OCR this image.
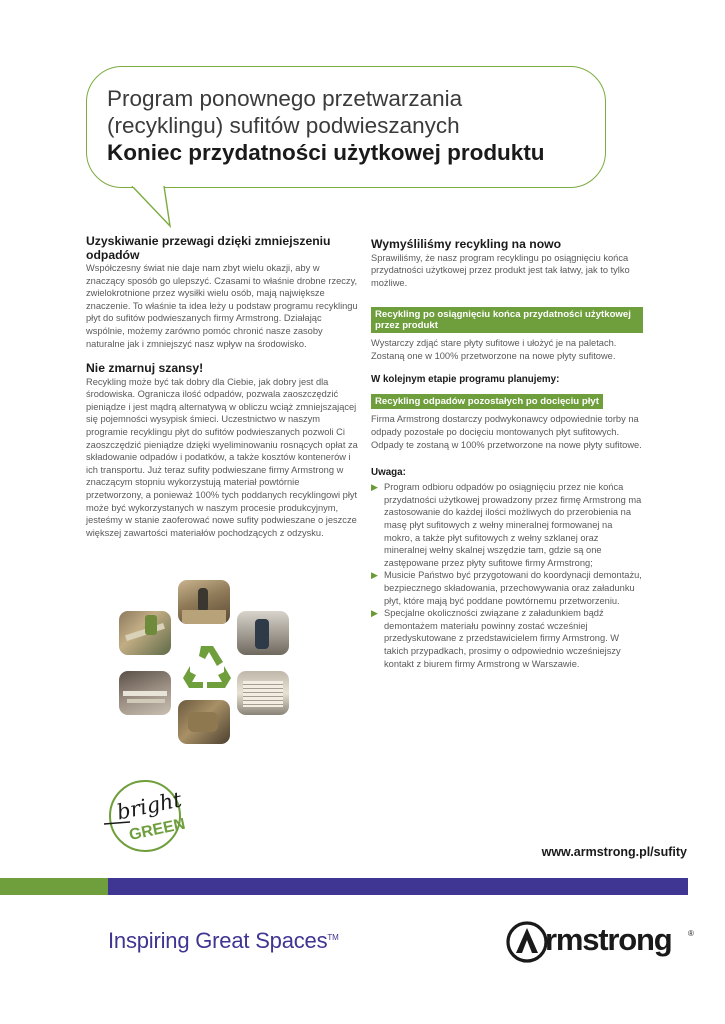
Program ponownego przetwarzania
(recyklingu) sufitów podwieszanych
Koniec przydatności użytkowej produktu
Uzyskiwanie przewagi dzięki zmniejszeniu odpadów

Współczesny świat nie daje nam zbyt wielu okazji, aby w znaczący sposób go ulepszyć. Czasami to właśnie drobne rzeczy, zwielokrotnione przez wysiłki wielu osób, mają największe znaczenie. To właśnie ta idea leży u podstaw programu recyklingu płyt do sufitów podwieszanych firmy Armstrong. Działając wspólnie, możemy zarówno pomóc chronić nasze zasoby naturalne jak i zmniejszyć nasz wpływ na środowisko.

Nie zmarnuj szansy!

Recykling może być tak dobry dla Ciebie, jak dobry jest dla środowiska. Ogranicza ilość odpadów, pozwala zaoszczędzić pieniądze i jest mądrą alternatywą w obliczu wciąż zmniejszającej się pojemności wysypisk śmieci. Uczestnictwo w naszym programie recyklingu płyt do sufitów podwieszanych pozwoli Ci zaoszczędzić pieniądze dzięki wyeliminowaniu rosnących opłat za składowanie odpadów i podatków, a także kosztów kontenerów i ich transportu. Już teraz sufity podwieszane firmy Armstrong w znaczącym stopniu wykorzystują materiał powtórnie przetworzony, a ponieważ 100% tych poddanych recyklingowi płyt może być wykorzystanych w naszym procesie produkcyjnym, jesteśmy w stanie zaoferować nowe sufity podwieszane o jeszcze większej zawartości materiałów pochodzących z odzysku.

bright
GREEN
Wymyśliliśmy recykling na nowo

Sprawiliśmy, że nasz program recyklingu po osiągnięciu końca przydatności użytkowej przez produkt jest tak łatwy, jak to tylko możliwe.

Recykling po osiągnięciu końca przydatności użytkowej przez produkt

Wystarczy zdjąć stare płyty sufitowe i ułożyć je na paletach. Zostaną one w 100% przetworzone na nowe płyty sufitowe.

W kolejnym etapie programu planujemy:
Recykling odpadów pozostałych po docięciu płyt

Firma Armstrong dostarczy podwykonawcy odpowiednie torby na odpady pozostałe po docięciu montowanych płyt sufitowych. Odpady te zostaną w 100% przetworzone na nowe płyty sufitowe.

Uwaga:
▶ Program odbioru odpadów po osiągnięciu przez nie końca przydatności użytkowej prowadzony przez firmę Armstrong ma zastosowanie do każdej ilości możliwych do przerobienia na masę płyt sufitowych z wełny mineralnej formowanej na mokro, a także płyt sufitowych z wełny szklanej oraz mineralnej wełny skalnej wszędzie tam, gdzie są one zastępowane przez płyty sufitowe firmy Armstrong;
▶ Musicie Państwo być przygotowani do koordynacji demontażu, bezpiecznego składowania, przechowywania oraz załadunku płyt, które mają być poddane powtórnemu przetworzeniu.
▶ Specjalne okoliczności związane z załadunkiem bądź demontażem materiału powinny zostać wcześniej przedyskutowane z przedstawicielem firmy Armstrong. W takich przypadkach, prosimy o odpowiednio wcześniejszy kontakt z biurem firmy Armstrong w Warszawie.
www.armstrong.pl/sufity
Inspiring Great Spaces™	rmstrong ®
